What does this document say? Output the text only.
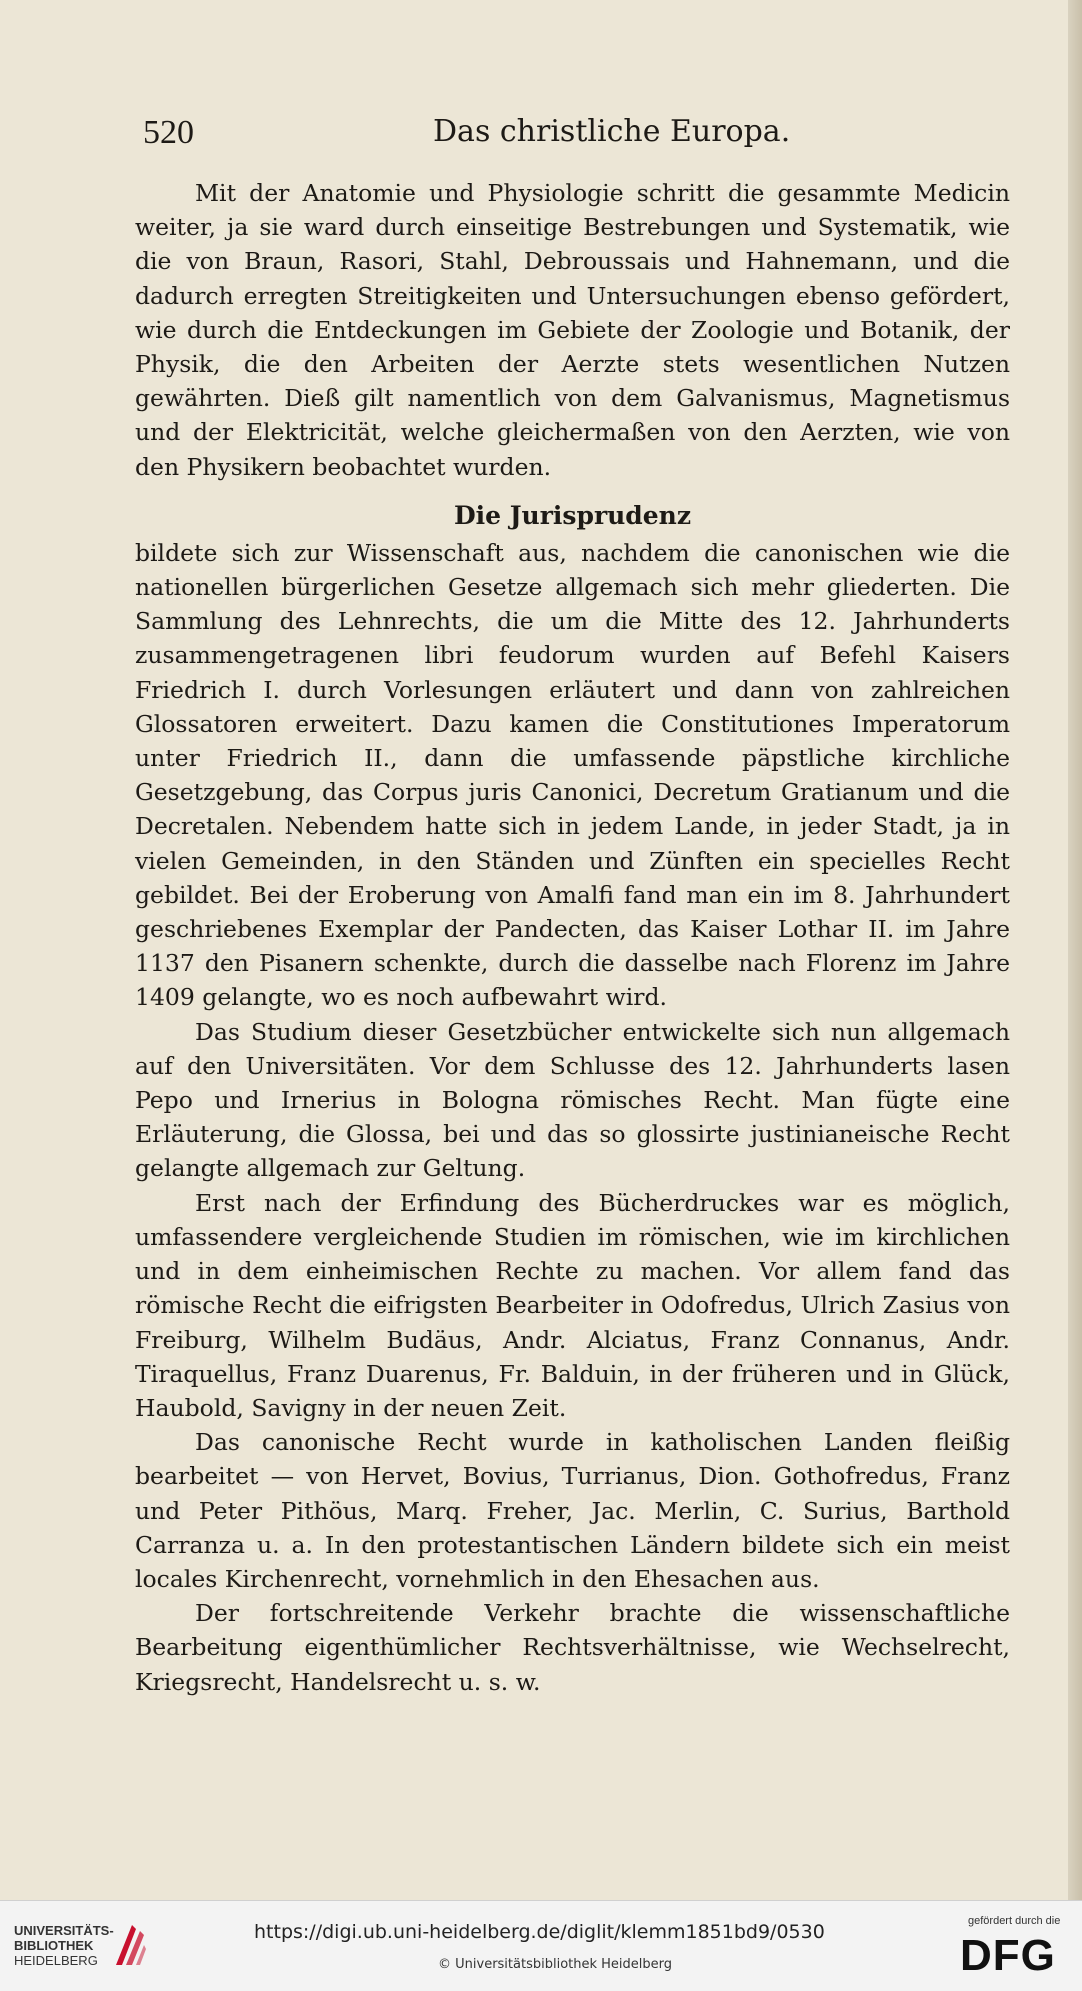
520	Das christliche Europa.

Mit der Anatomie und Physiologie schritt die gesammte Medicin weiter, ja sie ward durch einseitige Bestrebungen und Systematik, wie die von Braun, Rasori, Stahl, Debroussais und Hahnemann, und die dadurch erregten Streitigkeiten und Untersuchungen ebenso gefördert, wie durch die Entdeckungen im Gebiete der Zoologie und Botanik, der Physik, die den Arbeiten der Aerzte stets wesentlichen Nutzen gewährten. Dieß gilt namentlich von dem Galvanismus, Magnetismus und der Elektricität, welche gleichermaßen von den Aerzten, wie von den Physikern beobachtet wurden.

Die Jurisprudenz

bildete sich zur Wissenschaft aus, nachdem die canonischen wie die nationellen bürgerlichen Gesetze allgemach sich mehr gliederten. Die Sammlung des Lehnrechts, die um die Mitte des 12. Jahrhunderts zusammengetragenen libri feudorum wurden auf Befehl Kaisers Friedrich I. durch Vorlesungen erläutert und dann von zahlreichen Glossatoren erweitert. Dazu kamen die Constitutiones Imperatorum unter Friedrich II., dann die umfassende päpstliche kirchliche Gesetzgebung, das Corpus juris Canonici, Decretum Gratianum und die Decretalen. Nebendem hatte sich in jedem Lande, in jeder Stadt, ja in vielen Gemeinden, in den Ständen und Zünften ein specielles Recht gebildet. Bei der Eroberung von Amalfi fand man ein im 8. Jahrhundert geschriebenes Exemplar der Pandecten, das Kaiser Lothar II. im Jahre 1137 den Pisanern schenkte, durch die dasselbe nach Florenz im Jahre 1409 gelangte, wo es noch aufbewahrt wird.

Das Studium dieser Gesetzbücher entwickelte sich nun allgemach auf den Universitäten. Vor dem Schlusse des 12. Jahrhunderts lasen Pepo und Irnerius in Bologna römisches Recht. Man fügte eine Erläuterung, die Glossa, bei und das so glossirte justinianeische Recht gelangte allgemach zur Geltung.

Erst nach der Erfindung des Bücherdruckes war es möglich, umfassendere vergleichende Studien im römischen, wie im kirchlichen und in dem einheimischen Rechte zu machen. Vor allem fand das römische Recht die eifrigsten Bearbeiter in Odofredus, Ulrich Zasius von Freiburg, Wilhelm Budäus, Andr. Alciatus, Franz Connanus, Andr. Tiraquellus, Franz Duarenus, Fr. Balduin, in der früheren und in Glück, Haubold, Savigny in der neuen Zeit.

Das canonische Recht wurde in katholischen Landen fleißig bearbeitet — von Hervet, Bovius, Turrianus, Dion. Gothofredus, Franz und Peter Pithöus, Marq. Freher, Jac. Merlin, C. Surius, Barthold Carranza u. a. In den protestantischen Ländern bildete sich ein meist locales Kirchenrecht, vornehmlich in den Ehesachen aus.

Der fortschreitende Verkehr brachte die wissenschaftliche Bearbeitung eigenthümlicher Rechtsverhältnisse, wie Wechselrecht, Kriegsrecht, Handelsrecht u. s. w.

UNIVERSITÄTS-
BIBLIOTHEK
HEIDELBERG
https://digi.ub.uni-heidelberg.de/diglit/klemm1851bd9/0530
© Universitätsbibliothek Heidelberg
gefördert durch die
DFG
